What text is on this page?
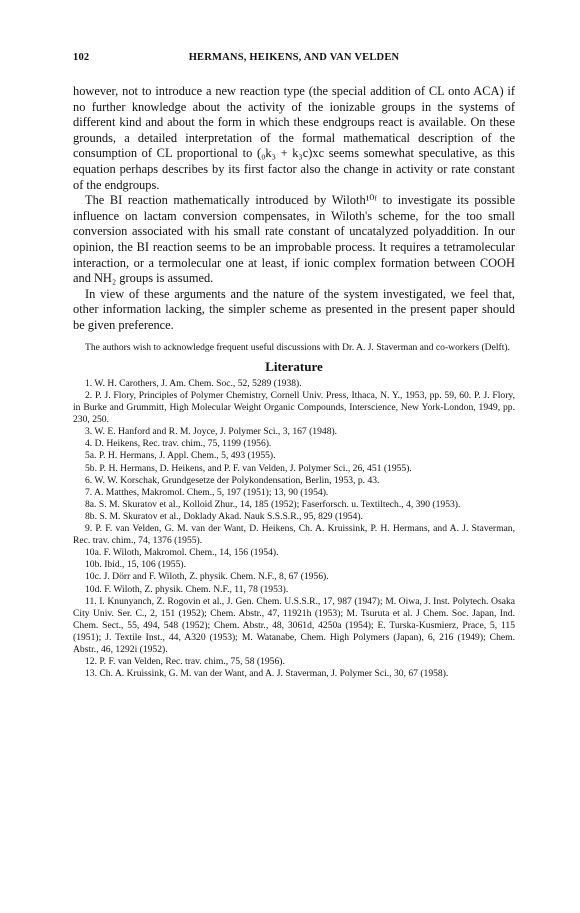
102	HERMANS, HEIKENS, AND VAN VELDEN

however, not to introduce a new reaction type (the special addition of CL onto ACA) if no further knowledge about the activity of the ionizable groups in the systems of different kind and about the form in which these endgroups react is available. On these grounds, a detailed interpretation of the formal mathematical description of the consumption of CL proportional to (₀k₃ + k₃c)xc seems somewhat speculative, as this equation perhaps describes by its first factor also the change in activity or rate constant of the endgroups.

The BI reaction mathematically introduced by Wiloth¹⁰ᶠ to investigate its possible influence on lactam conversion compensates, in Wiloth's scheme, for the too small conversion associated with his small rate constant of uncatalyzed polyaddition. In our opinion, the BI reaction seems to be an improbable process. It requires a tetramolecular interaction, or a termolecular one at least, if ionic complex formation between COOH and NH₂ groups is assumed.

In view of these arguments and the nature of the system investigated, we feel that, other information lacking, the simpler scheme as presented in the present paper should be given preference.

The authors wish to acknowledge frequent useful discussions with Dr. A. J. Staverman and co-workers (Delft).
Literature

1. W. H. Carothers, J. Am. Chem. Soc., 52, 5289 (1938).

2. P. J. Flory, Principles of Polymer Chemistry, Cornell Univ. Press, Ithaca, N. Y., 1953, pp. 59, 60. P. J. Flory, in Burke and Grummitt, High Molecular Weight Organic Compounds, Interscience, New York-London, 1949, pp. 230, 250.

3. W. E. Hanford and R. M. Joyce, J. Polymer Sci., 3, 167 (1948).

4. D. Heikens, Rec. trav. chim., 75, 1199 (1956).

5a. P. H. Hermans, J. Appl. Chem., 5, 493 (1955).

5b. P. H. Hermans, D. Heikens, and P. F. van Velden, J. Polymer Sci., 26, 451 (1955).

6. W. W. Korschak, Grundgesetze der Polykondensation, Berlin, 1953, p. 43.

7. A. Matthes, Makromol. Chem., 5, 197 (1951); 13, 90 (1954).

8a. S. M. Skuratov et al., Kolloid Zhur., 14, 185 (1952); Faserforsch. u. Textiltech., 4, 390 (1953).

8b. S. M. Skuratov et al., Doklady Akad. Nauk S.S.S.R., 95, 829 (1954).

9. P. F. van Velden, G. M. van der Want, D. Heikens, Ch. A. Kruissink, P. H. Hermans, and A. J. Staverman, Rec. trav. chim., 74, 1376 (1955).

10a. F. Wiloth, Makromol. Chem., 14, 156 (1954).

10b. Ibid., 15, 106 (1955).

10c. J. Dörr and F. Wiloth, Z. physik. Chem. N.F., 8, 67 (1956).

10d. F. Wiloth, Z. physik. Chem. N.F., 11, 78 (1953).

11. I. Knunyanch, Z. Rogovin et al., J. Gen. Chem. U.S.S.R., 17, 987 (1947); M. Oiwa, J. Inst. Polytech. Osaka City Univ. Ser. C., 2, 151 (1952); Chem. Abstr., 47, 11921h (1953); M. Tsuruta et al. J Chem. Soc. Japan, Ind. Chem. Sect., 55, 494, 548 (1952); Chem. Abstr., 48, 3061d, 4250a (1954); E. Turska-Kusmierz, Prace, 5, 115 (1951); J. Textile Inst., 44, A320 (1953); M. Watanabe, Chem. High Polymers (Japan), 6, 216 (1949); Chem. Abstr., 46, 1292i (1952).

12. P. F. van Velden, Rec. trav. chim., 75, 58 (1956).

13. Ch. A. Kruissink, G. M. van der Want, and A. J. Staverman, J. Polymer Sci., 30, 67 (1958).
